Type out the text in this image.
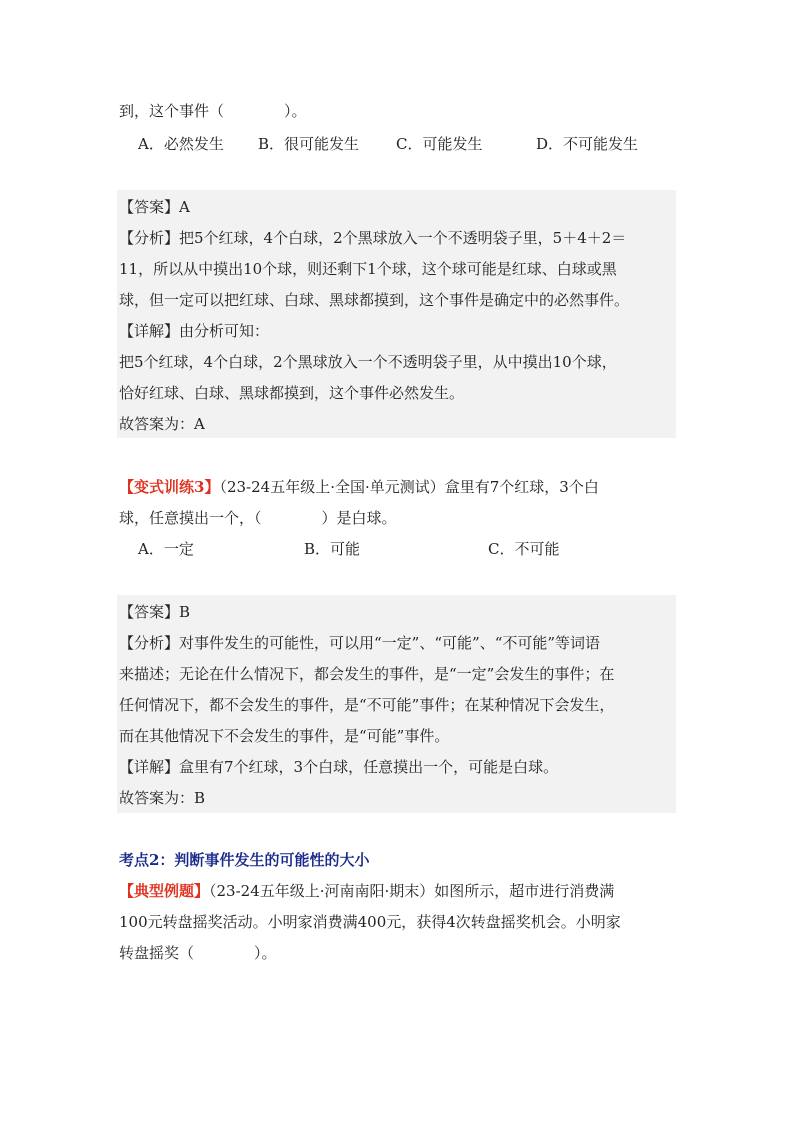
到，这个事件（　　　　）。
A．必然发生 B．很可能发生 C．可能发生	D．不可能发生
【答案】A
【分析】把5个红球，4个白球，2个黑球放入一个不透明袋子里，5＋4＋2＝
11，所以从中摸出10个球，则还剩下1个球，这个球可能是红球、白球或黑
球，但一定可以把红球、白球、黑球都摸到，这个事件是确定中的必然事件。
【详解】由分析可知：
把5个红球，4个白球，2个黑球放入一个不透明袋子里，从中摸出10个球，
恰好红球、白球、黑球都摸到，这个事件必然发生。
故答案为：A
【变式训练3】（23-24五年级上·全国·单元测试）盒里有7个红球，3个白
球，任意摸出一个，（　　　　）是白球。
A．一定	B．可能	C．不可能
【答案】B
【分析】对事件发生的可能性，可以用“一定”、“可能”、“不可能”等词语
来描述；无论在什么情况下，都会发生的事件，是“一定”会发生的事件；在
任何情况下，都不会发生的事件，是“不可能”事件；在某种情况下会发生，
而在其他情况下不会发生的事件，是“可能”事件。
【详解】盒里有7个红球，3个白球，任意摸出一个，可能是白球。
故答案为：B
考点2：判断事件发生的可能性的大小
【典型例题】（23-24五年级上·河南南阳·期末）如图所示，超市进行消费满
100元转盘摇奖活动。小明家消费满400元，获得4次转盘摇奖机会。小明家
转盘摇奖（　　　　）。
